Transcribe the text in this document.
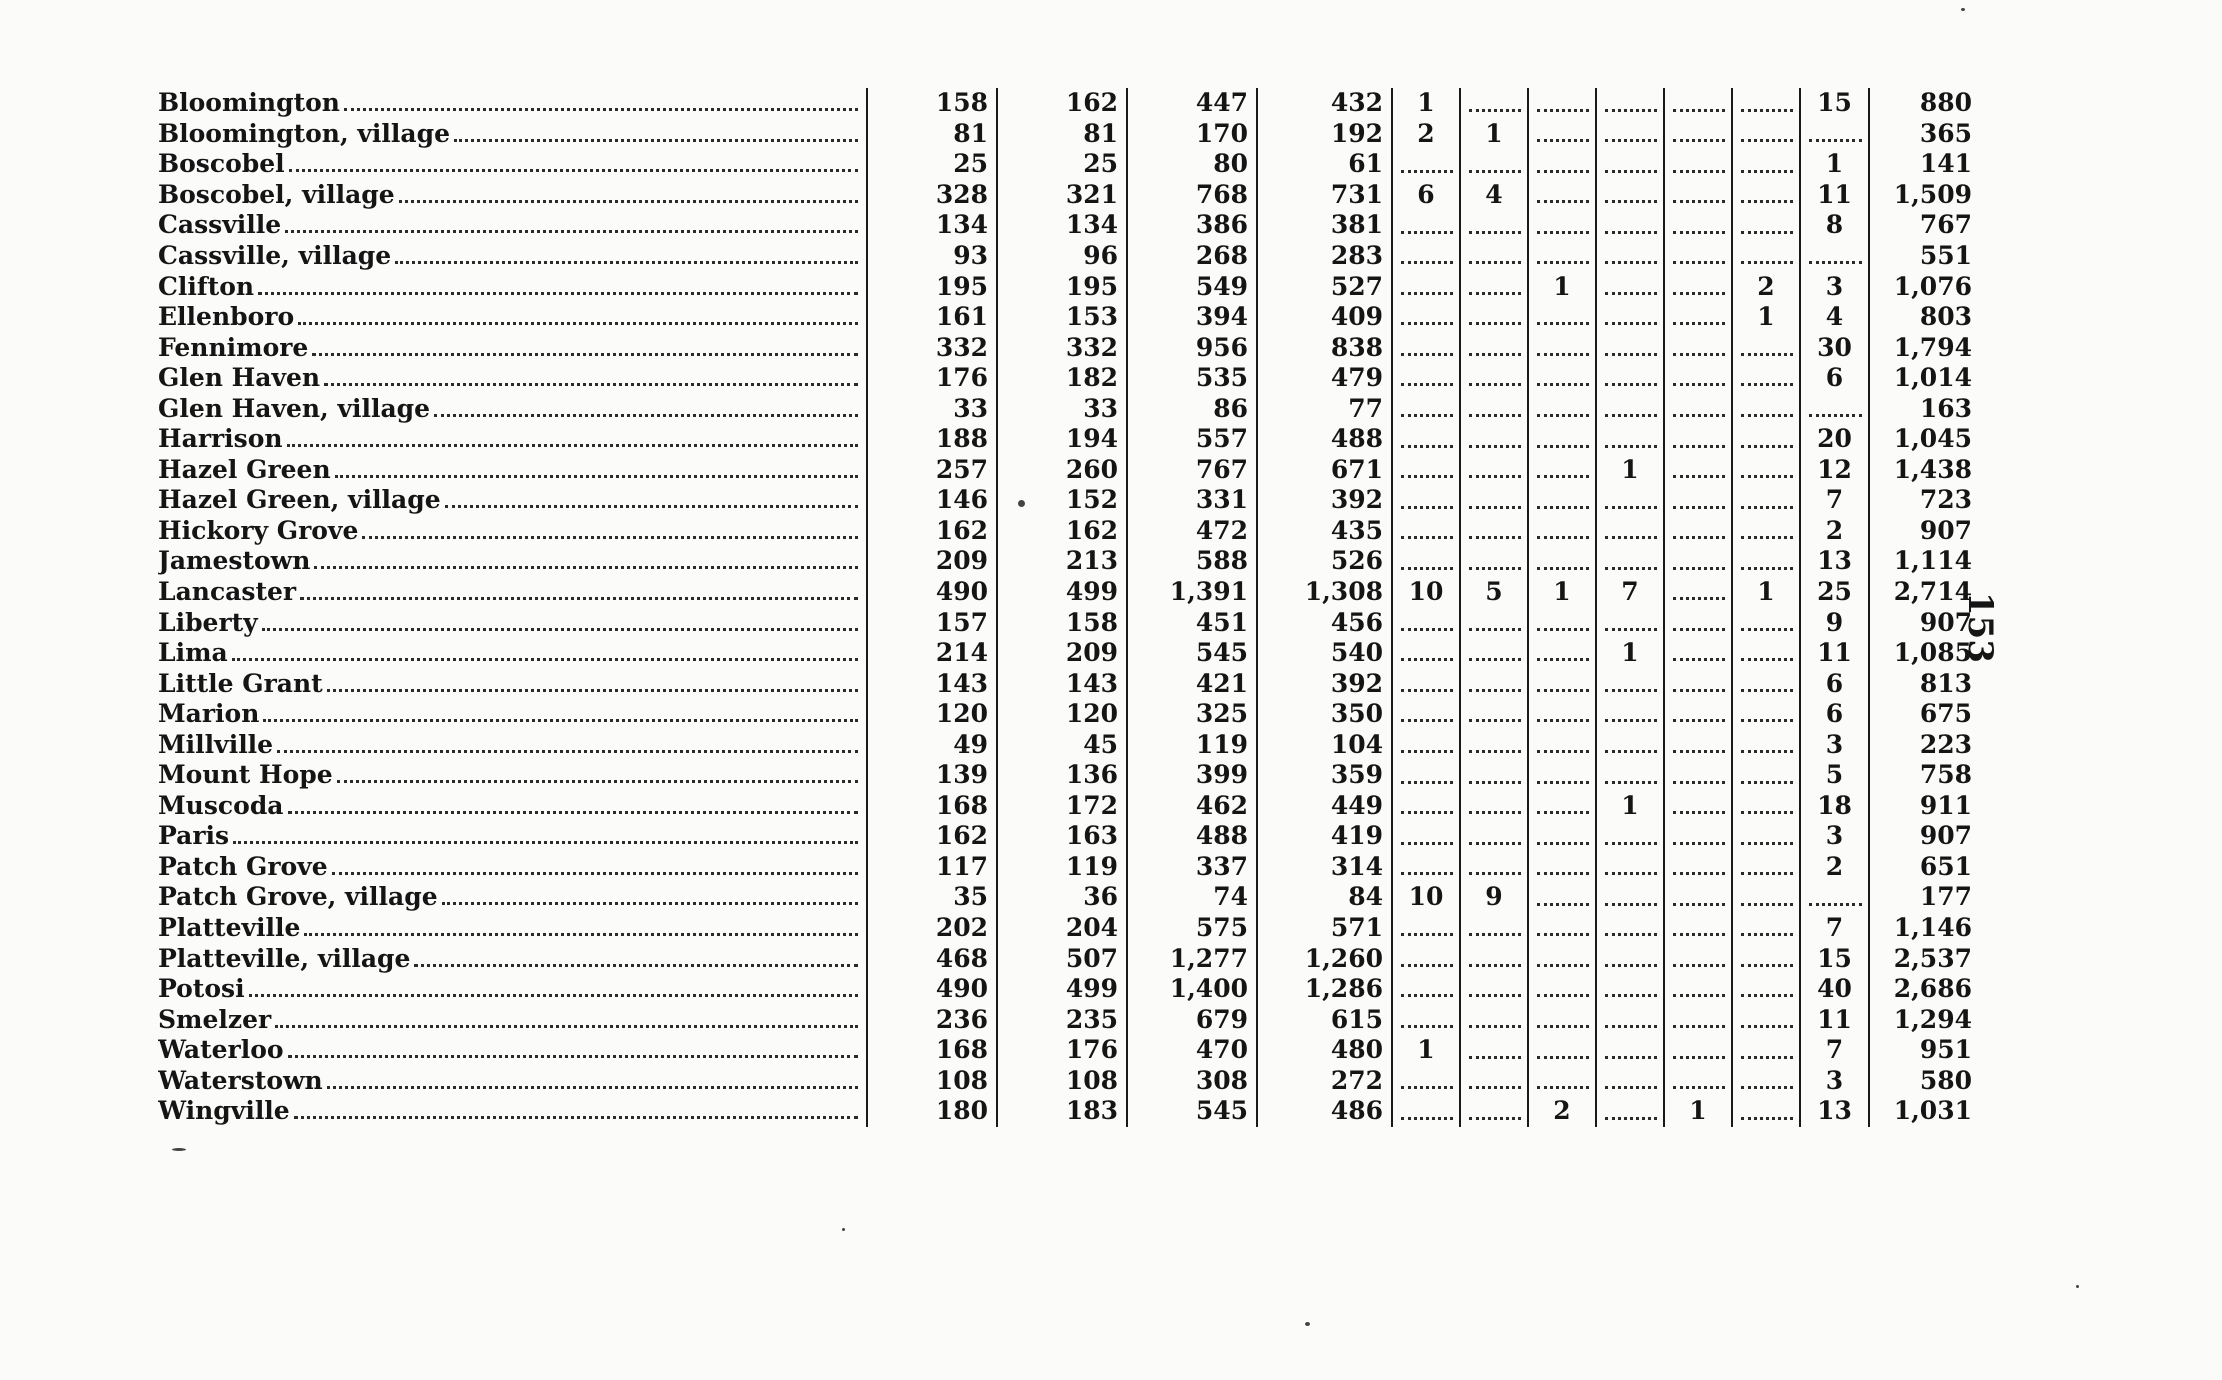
Bloomington	158	162	447	432	1						15	880

Bloomington, village	81	81	170	192	2	1						365

Boscobel	25	25	80	61							1	141

Boscobel, village	328	321	768	731	6	4					11	1,509

Cassville	134	134	386	381							8	767

Cassville, village	93	96	268	283								551

Clifton	195	195	549	527			1			2	3	1,076

Ellenboro	161	153	394	409						1	4	803

Fennimore	332	332	956	838							30	1,794

Glen Haven	176	182	535	479							6	1,014

Glen Haven, village	33	33	86	77								163

Harrison	188	194	557	488							20	1,045

Hazel Green	257	260	767	671				1			12	1,438

Hazel Green, village	146	152	331	392							7	723

Hickory Grove	162	162	472	435							2	907

Jamestown	209	213	588	526							13	1,114

Lancaster	490	499	1,391	1,308	10	5	1	7		1	25	2,714

Liberty	157	158	451	456							9	907

Lima	214	209	545	540				1			11	1,085

Little Grant	143	143	421	392							6	813

Marion	120	120	325	350							6	675

Millville	49	45	119	104							3	223

Mount Hope	139	136	399	359							5	758

Muscoda	168	172	462	449				1			18	911

Paris	162	163	488	419							3	907

Patch Grove	117	119	337	314							2	651

Patch Grove, village	35	36	74	84	10	9						177

Platteville	202	204	575	571							7	1,146

Platteville, village	468	507	1,277	1,260							15	2,537

Potosi	490	499	1,400	1,286							40	2,686

Smelzer	236	235	679	615							11	1,294

Waterloo	168	176	470	480	1						7	951

Waterstown	108	108	308	272							3	580

Wingville	180	183	545	486			2		1		13	1,031
153
